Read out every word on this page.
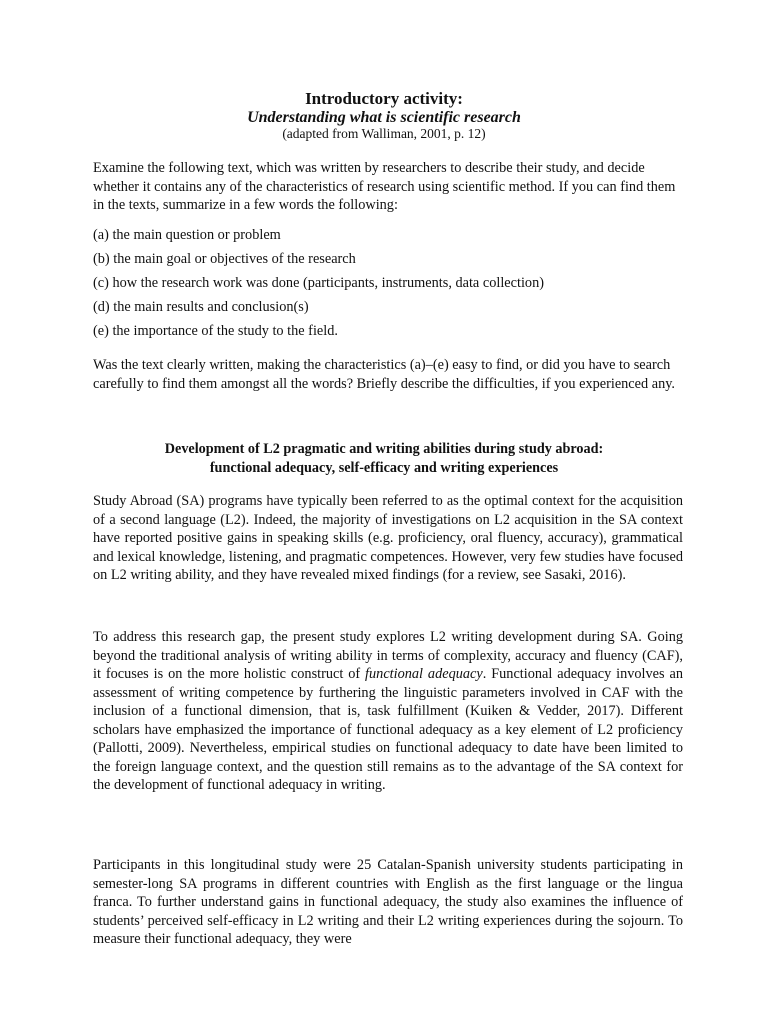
Introductory activity:
Understanding what is scientific research
(adapted from Walliman, 2001, p. 12)
Examine the following text, which was written by researchers to describe their study, and decide whether it contains any of the characteristics of research using scientific method. If you can find them in the texts, summarize in a few words the following:
(a) the main question or problem
(b) the main goal or objectives of the research
(c) how the research work was done (participants, instruments, data collection)
(d) the main results and conclusion(s)
(e) the importance of the study to the field.
Was the text clearly written, making the characteristics (a)–(e) easy to find, or did you have to search carefully to find them amongst all the words? Briefly describe the difficulties, if you experienced any.
Development of L2 pragmatic and writing abilities during study abroad:
functional adequacy, self-efficacy and writing experiences
Study Abroad (SA) programs have typically been referred to as the optimal context for the acquisition of a second language (L2). Indeed, the majority of investigations on L2 acquisition in the SA context have reported positive gains in speaking skills (e.g. proficiency, oral fluency, accuracy), grammatical and lexical knowledge, listening, and pragmatic competences. However, very few studies have focused on L2 writing ability, and they have revealed mixed findings (for a review, see Sasaki, 2016).
To address this research gap, the present study explores L2 writing development during SA. Going beyond the traditional analysis of writing ability in terms of complexity, accuracy and fluency (CAF), it focuses is on the more holistic construct of functional adequacy. Functional adequacy involves an assessment of writing competence by furthering the linguistic parameters involved in CAF with the inclusion of a functional dimension, that is, task fulfillment (Kuiken & Vedder, 2017). Different scholars have emphasized the importance of functional adequacy as a key element of L2 proficiency (Pallotti, 2009). Nevertheless, empirical studies on functional adequacy to date have been limited to the foreign language context, and the question still remains as to the advantage of the SA context for the development of functional adequacy in writing.
Participants in this longitudinal study were 25 Catalan-Spanish university students participating in semester-long SA programs in different countries with English as the first language or the lingua franca. To further understand gains in functional adequacy, the study also examines the influence of students’ perceived self-efficacy in L2 writing and their L2 writing experiences during the sojourn. To measure their functional adequacy, they were
